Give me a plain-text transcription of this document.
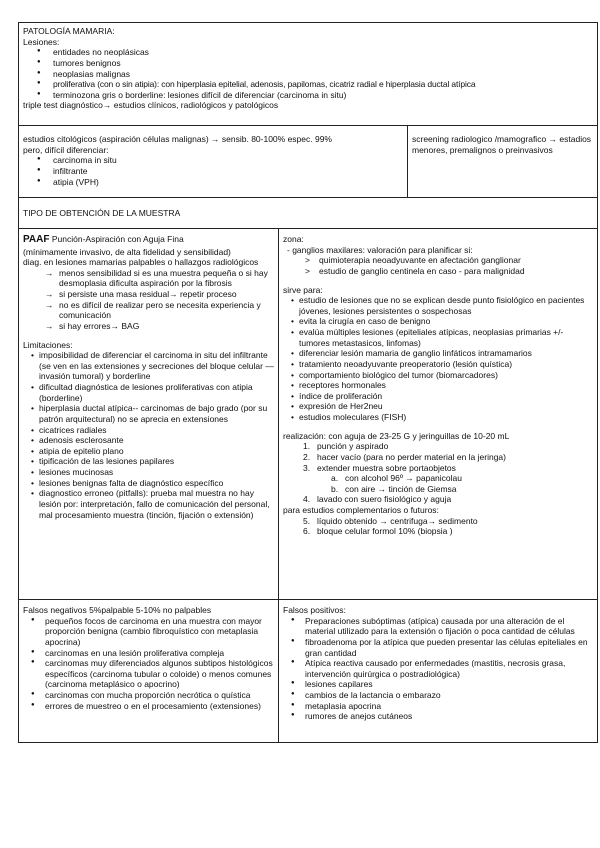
PATOLOGÍA MAMARIA:
Lesiones:
● entidades no neoplásicas
● tumores benignos
● neoplasias malignas
● proliferativa (con o sin atipia): con hiperplasia epitelial, adenosis, papilomas, cicatriz radial e hiperplasia ductal atípica
● terminozona gris o borderline: lesiones difícil de diferenciar (carcinoma in situ)
triple test diagnóstico→ estudios clínicos, radiológicos y patológicos
estudios citológicos (aspiración células malignas) → sensib. 80-100% espec. 99%
pero, difícil diferenciar:
● carcinoma in situ
● infiltrante
● atipia (VPH)
screening radiologico /mamografico → estadios menores, premalignos o preinvasivos
TIPO DE OBTENCIÓN DE LA MUESTRA
PAAF Punción-Aspiración con Aguja Fina
(mínimamente invasivo, de alta fidelidad y sensibilidad)
diag. en lesiones mamarias palpables o hallazgos radiológicos
→ menos sensibilidad si es una muestra pequeña o si hay desmoplasia dificulta aspiración por la fibrosis
→ si persiste una masa residual→ repetir proceso
→ no es difícil de realizar pero se necesita experiencia y comunicación
→ si hay errores→ BAG
Limitaciones:
• imposibilidad de diferenciar el carcinoma in situ del infiltrante (se ven en las extensiones y secreciones del bloque celular — invasión tumoral) y borderline
• dificultad diagnóstica de lesiones proliferativas con atipia (borderline)
• hiperplasia ductal atípica-- carcinomas de bajo grado (por su patrón arquitectural) no se aprecia en extensiones
• cicatrices radiales
• adenosis esclerosante
• atipia de epitelio plano
• tipificación de las lesiones papilares
• lesiones mucinosas
• lesiones benignas falta de diagnóstico específico
• diagnostico erroneo (pitfalls): prueba mal muestra no hay lesión por: interpretación, fallo de comunicación del personal, mal procesamiento muestra (tinción, fijación o extensión)
zona:
- ganglios maxilares: valoración para planificar si:
> quimioterapia neoadyuvante en afectación ganglionar
> estudio de ganglio centinela en caso - para malignidad
sirve para:
• estudio de lesiones que no se explican desde punto fisiológico en pacientes jóvenes, lesiones persistentes o sospechosas
• evita la cirugía en caso de benigno
• evalúa múltiples lesiones (epiteliales atípicas, neoplasias primarias +/- tumores metastasicos, linfomas)
• diferenciar lesión mamaria de ganglio linfáticos intramamarios
• tratamiento neoadyuvante preoperatorio (lesión quística)
• comportamiento biológico del tumor (biomarcadores)
• receptores hormonales
• índice de proliferación
• expresión de Her2neu
• estudios moleculares (FISH)
realización: con aguja de 23-25 G y jeringuillas de 10-20 mL
1. punción y aspirado
2. hacer vacío (para no perder material en la jeringa)
3. extender muestra sobre portaobjetos
a. con alcohol 96º → papanicolau
b. con aire → tinción de Giemsa
4. lavado con suero fisiológico y aguja
para estudios complementarios o futuros:
5. líquido obtenido → centrifuga→ sedimento
6. bloque celular formol 10% (biopsia )
Falsos negativos 5%palpable 5-10% no palpables
● pequeños focos de carcinoma en una muestra con mayor proporción benigna (cambio fibroquístico con metaplasia apocrina)
● carcinomas en una lesión proliferativa compleja
● carcinomas muy diferenciados algunos subtipos histológicos específicos (carcinoma tubular o coloide) o menos comunes (carcinoma metaplásico o apocrino)
● carcinomas con mucha proporción necrótica o quística
● errores de muestreo o en el procesamiento (extensiones)
Falsos positivos:
● Preparaciones subóptimas (atípica) causada por una alteración de el material utilizado para la extensión o fijación o poca cantidad de células
● fibroadenoma por la atípica que pueden presentar las células epiteliales en gran cantidad
● Atípica reactiva causado por enfermedades (mastitis, necrosis grasa, intervención quirúrgica o postradiológica)
● lesiones capilares
● cambios de la lactancia o embarazo
● metaplasia apocrina
● rumores de anejos cutáneos
